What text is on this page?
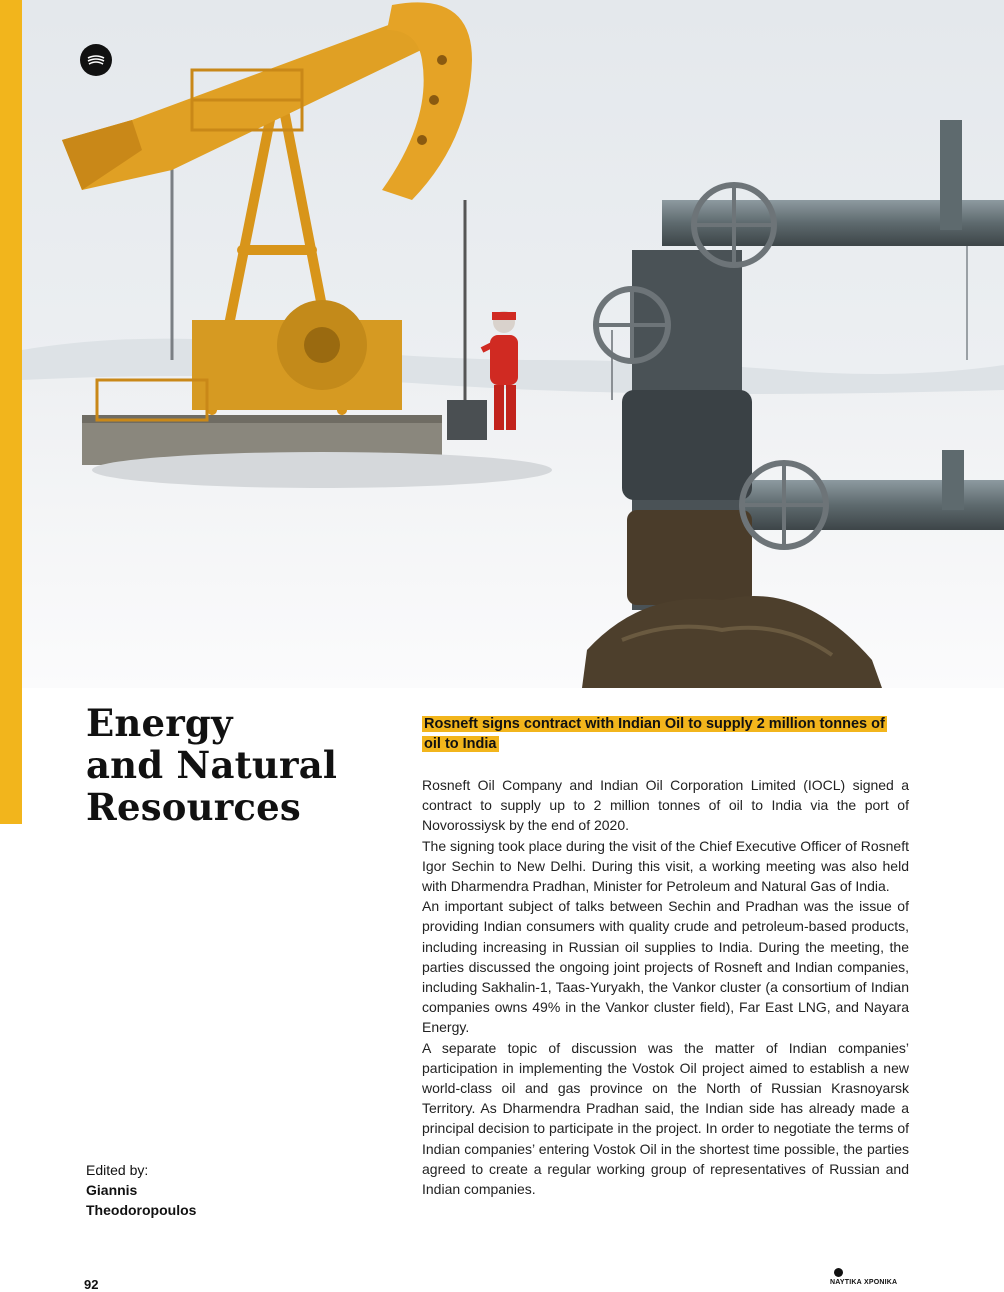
Energy
and Natural
Resources
Rosneft signs contract with Indian Oil to supply 2 million tonnes of oil to India

Rosneft Oil Company and Indian Oil Corporation Limited (IOCL) signed a contract to supply up to 2 million tonnes of oil to India via the port of Novorossiysk by the end of 2020.

The signing took place during the visit of the Chief Executive Officer of Rosneft Igor Sechin to New Delhi. During this visit, a working meeting was also held with Dharmendra Pradhan, Minister for Petroleum and Natural Gas of India.

An important subject of talks between Sechin and Pradhan was the issue of providing Indian consumers with quality crude and petroleum-based products, including increasing in Russian oil supplies to India. During the meeting, the parties discussed the ongoing joint projects of Rosneft and Indian companies, including Sakhalin-1, Taas-Yuryakh, the Vankor cluster (a consortium of Indian companies owns 49% in the Vankor cluster field), Far East LNG, and Nayara Energy.

A separate topic of discussion was the matter of Indian companies’ participation in implementing the Vostok Oil project aimed to establish a new world-class oil and gas province on the North of Russian Krasnoyarsk Territory. As Dharmendra Pradhan said, the Indian side has already made a principal decision to participate in the project. In order to negotiate the terms of Indian companies’ entering Vostok Oil in the shortest time possible, the parties agreed to create a regular working group of representatives of Russian and Indian companies.

Edited by:
Giannis
Theodoropoulos
92	ΝΑΥΤΙΚΑ ΧΡΟΝΙΚΑ
